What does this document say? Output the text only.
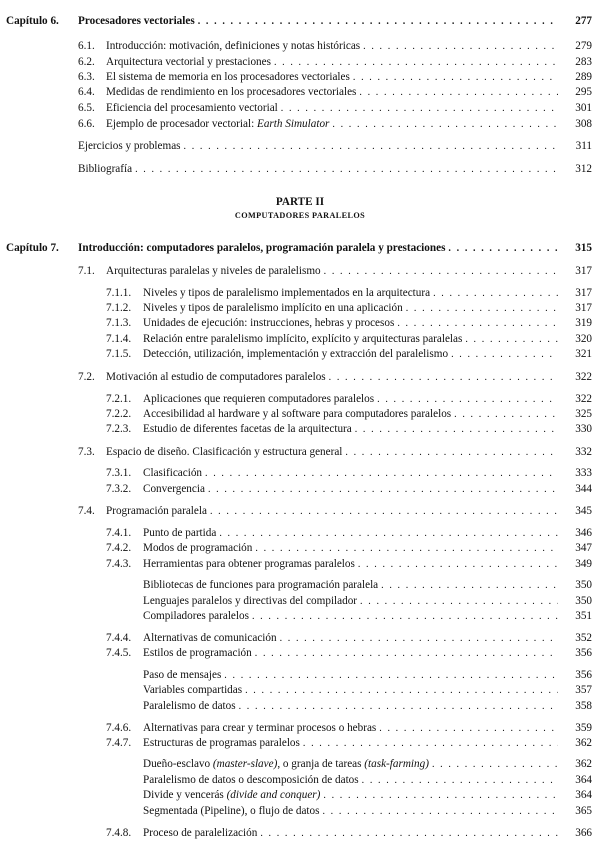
Capítulo 6. Procesadores vectoriales . . .	277
6.1. Introducción: motivación, definiciones y notas históricas . . .	279
6.2. Arquitectura vectorial y prestaciones . . .	283
6.3. El sistema de memoria en los procesadores vectoriales . . .	289
6.4. Medidas de rendimiento en los procesadores vectoriales . . .	295
6.5. Eficiencia del procesamiento vectorial . . .	301
6.6. Ejemplo de procesador vectorial: Earth Simulator . . .	308
Ejercicios y problemas . . .	311
Bibliografía . . .	312
PARTE II
COMPUTADORES PARALELOS
Capítulo 7. Introducción: computadores paralelos, programación paralela y prestaciones . . .	315
7.1. Arquitecturas paralelas y niveles de paralelismo . . .	317
7.1.1. Niveles y tipos de paralelismo implementados en la arquitectura . . .	317
7.1.2. Niveles y tipos de paralelismo implícito en una aplicación . . .	317
7.1.3. Unidades de ejecución: instrucciones, hebras y procesos . . .	319
7.1.4. Relación entre paralelismo implícito, explícito y arquitecturas paralelas . . .	320
7.1.5. Detección, utilización, implementación y extracción del paralelismo . . .	321
7.2. Motivación al estudio de computadores paralelos . . .	322
7.2.1. Aplicaciones que requieren computadores paralelos . . .	322
7.2.2. Accesibilidad al hardware y al software para computadores paralelos . . .	325
7.2.3. Estudio de diferentes facetas de la arquitectura . . .	330
7.3. Espacio de diseño. Clasificación y estructura general . . .	332
7.3.1. Clasificación . . .	333
7.3.2. Convergencia . . .	344
7.4. Programación paralela . . .	345
7.4.1. Punto de partida . . .	346
7.4.2. Modos de programación . . .	347
7.4.3. Herramientas para obtener programas paralelos . . .	349
Bibliotecas de funciones para programación paralela . . .	350
Lenguajes paralelos y directivas del compilador . . .	350
Compiladores paralelos . . .	351
7.4.4. Alternativas de comunicación . . .	352
7.4.5. Estilos de programación . . .	356
Paso de mensajes . . .	356
Variables compartidas . . .	357
Paralelismo de datos . . .	358
7.4.6. Alternativas para crear y terminar procesos o hebras . . .	359
7.4.7. Estructuras de programas paralelos . . .	362
Dueño-esclavo (master-slave), o granja de tareas (task-farming) . . .	362
Paralelismo de datos o descomposición de datos . . .	364
Divide y vencerás (divide and conquer) . . .	364
Segmentada (Pipeline), o flujo de datos . . .	365
7.4.8. Proceso de paralelización . . .	366
